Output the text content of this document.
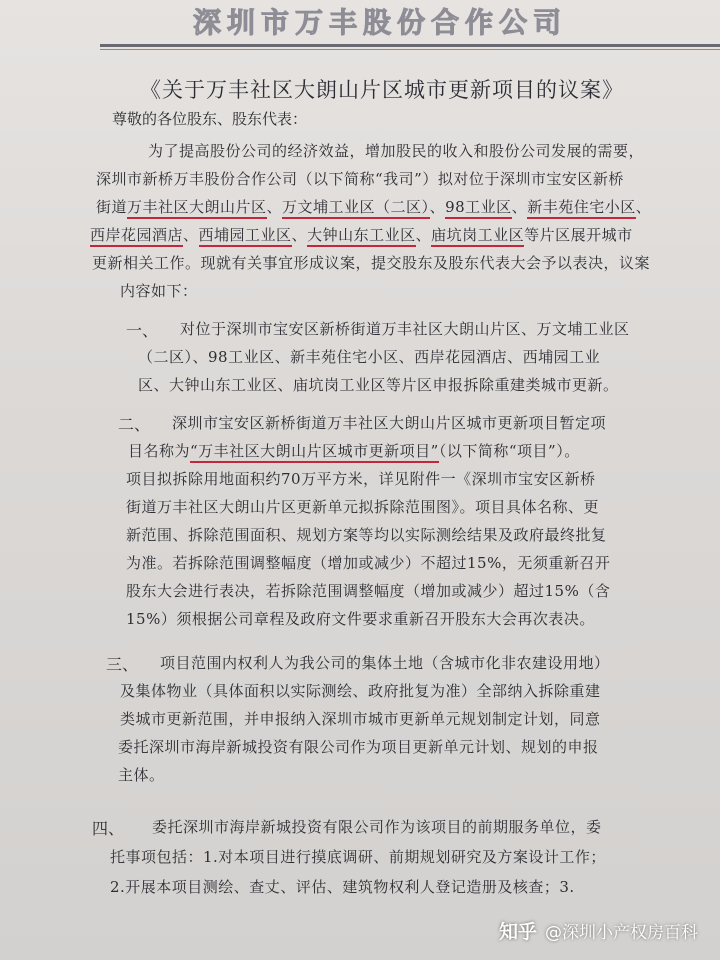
深圳市万丰股份合作公司
《关于万丰社区大朗山片区城市更新项目的议案》
尊敬的各位股东、股东代表：
为了提高股份公司的经济效益，增加股民的收入和股份公司发展的需要，
深圳市新桥万丰股份合作公司（以下简称“我司”）拟对位于深圳市宝安区新桥
街道万丰社区大朗山片区、万文埔工业区（二区）、98工业区、新丰苑住宅小区、
西岸花园酒店、西埔园工业区、大钟山东工业区、庙坑岗工业区等片区展开城市
更新相关工作。现就有关事宜形成议案，提交股东及股东代表大会予以表决，议案
内容如下：
一、 对位于深圳市宝安区新桥街道万丰社区大朗山片区、万文埔工业区
（二区）、98工业区、新丰苑住宅小区、西岸花园酒店、西埔园工业
区、大钟山东工业区、庙坑岗工业区等片区申报拆除重建类城市更新。
二、 深圳市宝安区新桥街道万丰社区大朗山片区城市更新项目暂定项
目名称为“万丰社区大朗山片区城市更新项目”（以下简称“项目”）。
项目拟拆除用地面积约70万平方米，详见附件一《深圳市宝安区新桥
街道万丰社区大朗山片区更新单元拟拆除范围图》。项目具体名称、更
新范围、拆除范围面积、规划方案等均以实际测绘结果及政府最终批复
为准。若拆除范围调整幅度（增加或减少）不超过15%，无须重新召开
股东大会进行表决，若拆除范围调整幅度（增加或减少）超过15%（含
15%）须根据公司章程及政府文件要求重新召开股东大会再次表决。
三、 项目范围内权利人为我公司的集体土地（含城市化非农建设用地）
及集体物业（具体面积以实际测绘、政府批复为准）全部纳入拆除重建
类城市更新范围，并申报纳入深圳市城市更新单元规划制定计划，同意
委托深圳市海岸新城投资有限公司作为项目更新单元计划、规划的申报
主体。
四、 委托深圳市海岸新城投资有限公司作为该项目的前期服务单位，委
托事项包括：1.对本项目进行摸底调研、前期规划研究及方案设计工作；
2.开展本项目测绘、查丈、评估、建筑物权利人登记造册及核查；3.
知乎 @深圳小产权房百科
